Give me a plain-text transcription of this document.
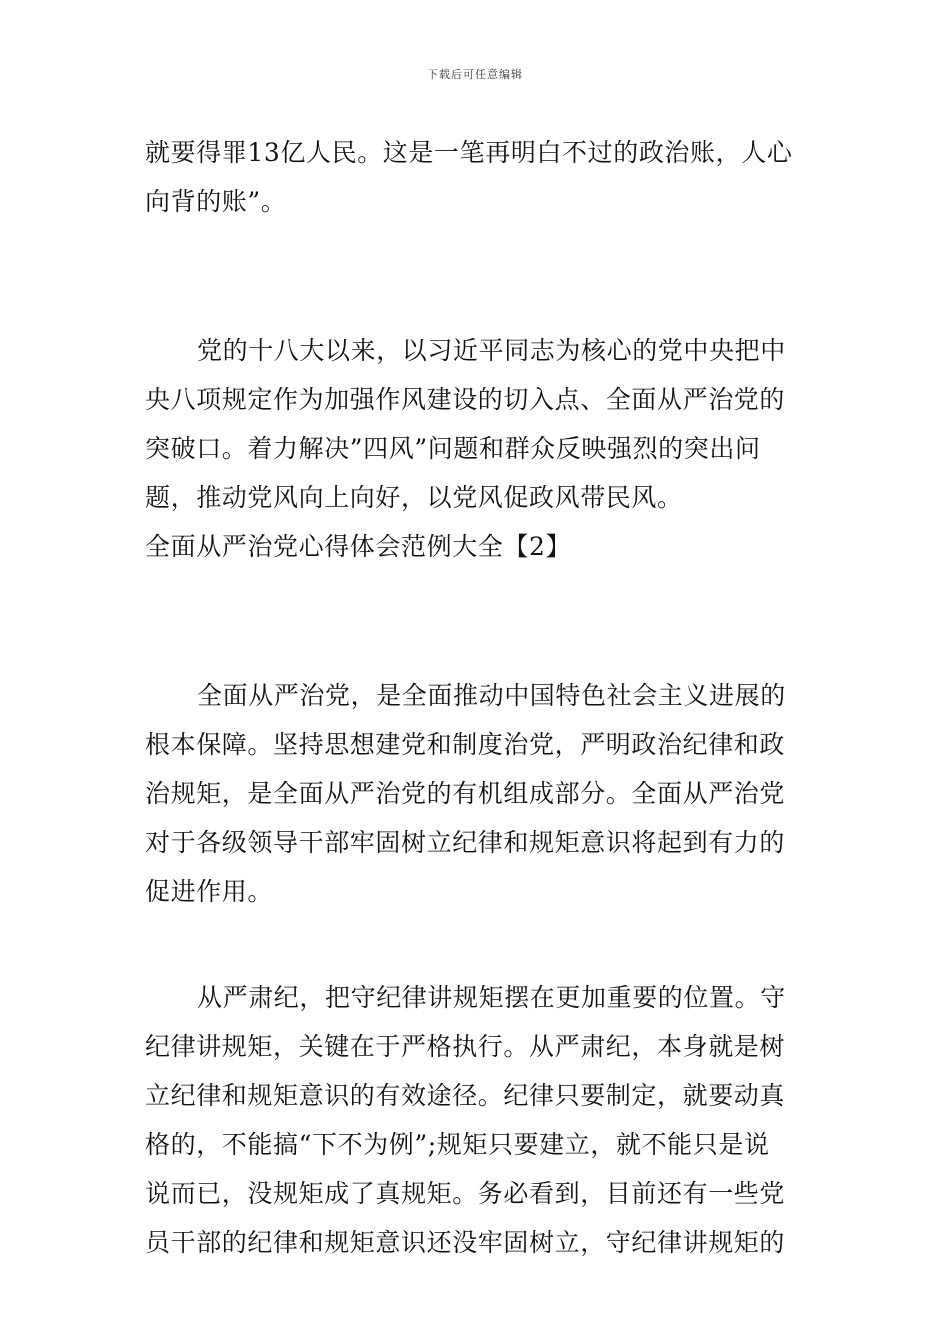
下载后可任意编辑
就要得罪13亿人民。这是一笔再明白不过的政治账，人心
向背的账”。
党的十八大以来，以习近平同志为核心的党中央把中
央八项规定作为加强作风建设的切入点、全面从严治党的
突破口。着力解决”四风”问题和群众反映强烈的突出问
题，推动党风向上向好，以党风促政风带民风。
全面从严治党心得体会范例大全【2】
全面从严治党，是全面推动中国特色社会主义进展的
根本保障。坚持思想建党和制度治党，严明政治纪律和政
治规矩，是全面从严治党的有机组成部分。全面从严治党
对于各级领导干部牢固树立纪律和规矩意识将起到有力的
促进作用。
从严肃纪，把守纪律讲规矩摆在更加重要的位置。守
纪律讲规矩，关键在于严格执行。从严肃纪，本身就是树
立纪律和规矩意识的有效途径。纪律只要制定，就要动真
格的，不能搞“下不为例”;规矩只要建立，就不能只是说
说而已，没规矩成了真规矩。务必看到，目前还有一些党
员干部的纪律和规矩意识还没牢固树立，守纪律讲规矩的
